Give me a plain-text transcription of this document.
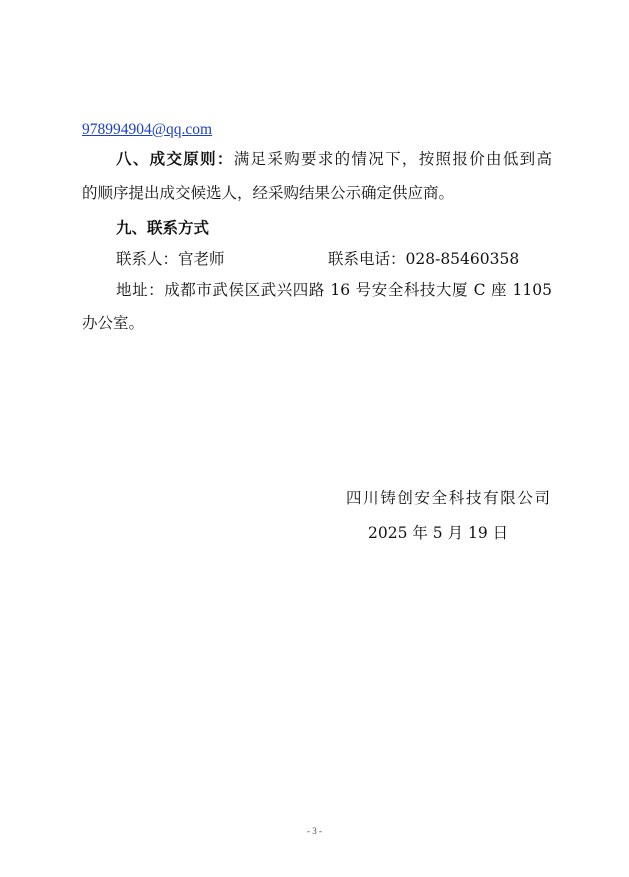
978994904@qq.com
八、成交原则：满足采购要求的情况下，按照报价由低到高
的顺序提出成交候选人，经采购结果公示确定供应商。
九、联系方式
联系人：官老师	联系电话：028-85460358
地址：成都市武侯区武兴四路 16 号安全科技大厦 C 座 1105
办公室。
四川铸创安全科技有限公司
2025 年 5 月 19 日
- 3 -
